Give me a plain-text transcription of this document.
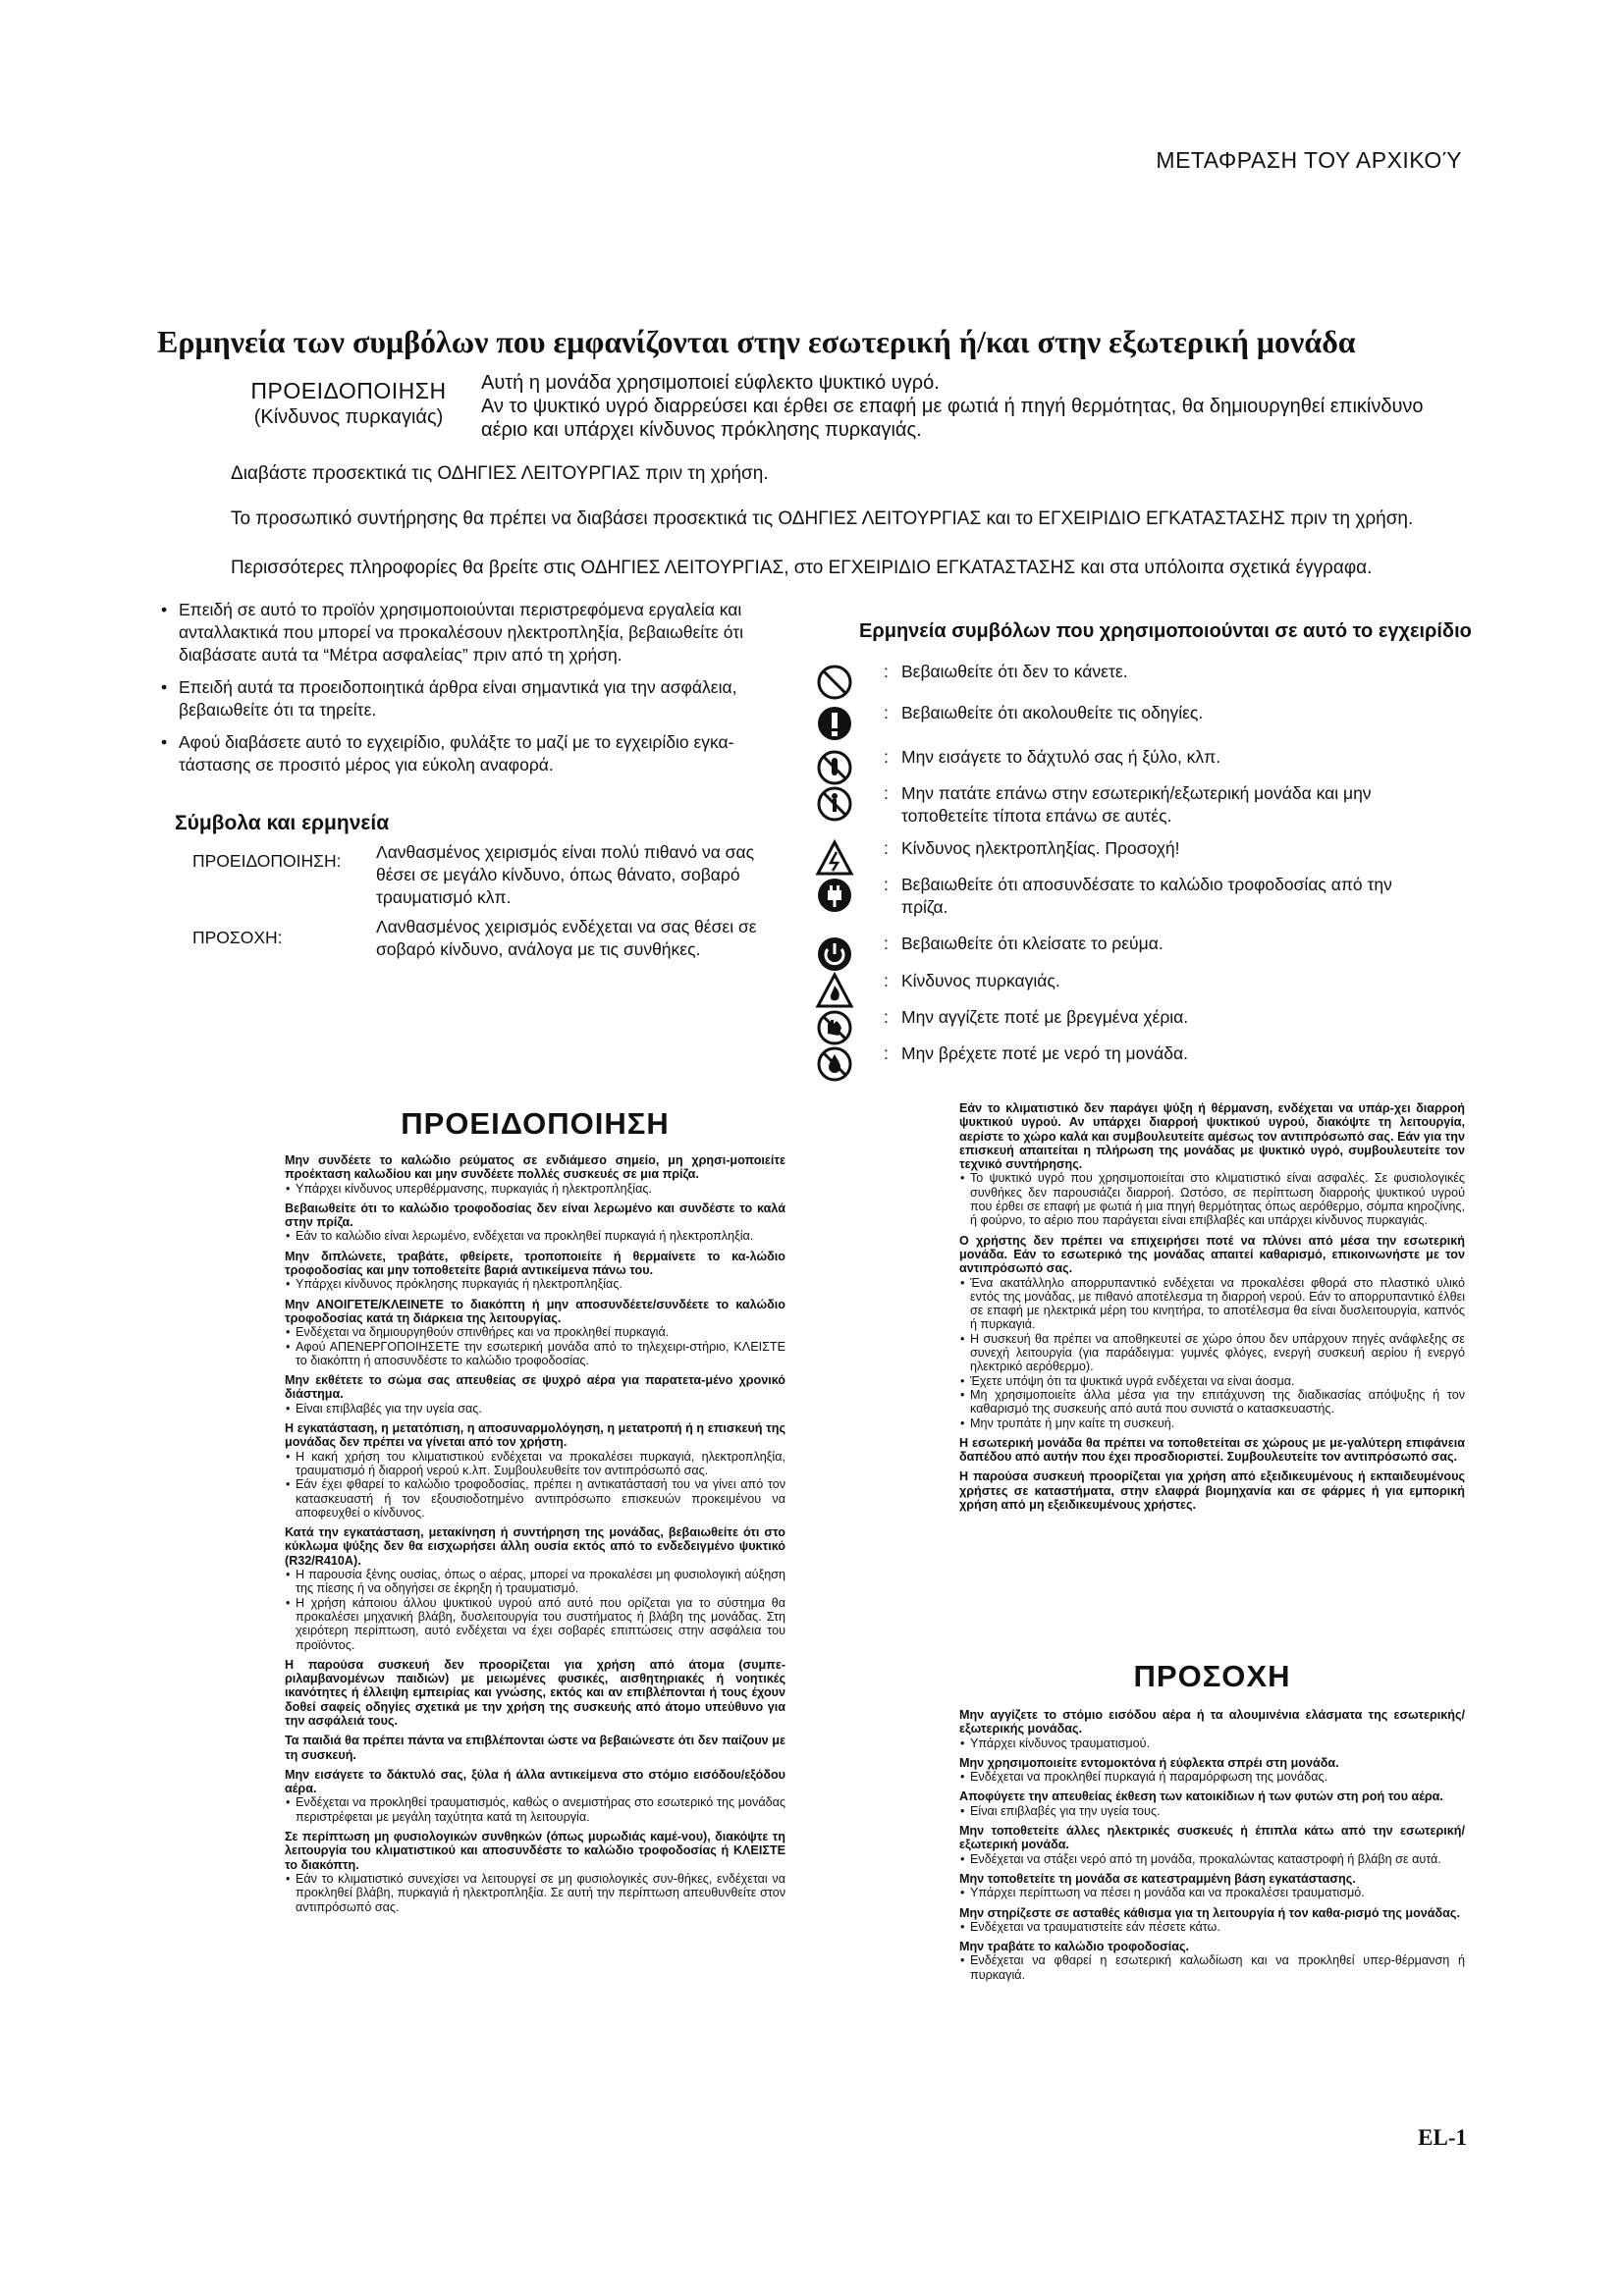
ΜΕΤΑΦΡΑΣΗ ΤΟΥ ΑΡΧΙΚΟΎ
Ερμηνεία των συμβόλων που εμφανίζονται στην εσωτερική ή/και στην εξωτερική μονάδα
ΠΡΟΕΙΔΟΠΟΙΗΣΗ
(Κίνδυνος πυρκαγιάς)
Αυτή η μονάδα χρησιμοποιεί εύφλεκτο ψυκτικό υγρό.
Αν το ψυκτικό υγρό διαρρεύσει και έρθει σε επαφή με φωτιά ή πηγή θερμότητας, θα δημιουργηθεί επικίνδυνο
αέριο και υπάρχει κίνδυνος πρόκλησης πυρκαγιάς.
Διαβάστε προσεκτικά τις ΟΔΗΓΙΕΣ ΛΕΙΤΟΥΡΓΙΑΣ πριν τη χρήση.
Το προσωπικό συντήρησης θα πρέπει να διαβάσει προσεκτικά τις ΟΔΗΓΙΕΣ ΛΕΙΤΟΥΡΓΙΑΣ και το ΕΓΧΕΙΡΙΔΙΟ ΕΓΚΑΤΑΣΤΑΣΗΣ πριν τη χρήση.
Περισσότερες πληροφορίες θα βρείτε στις ΟΔΗΓΙΕΣ ΛΕΙΤΟΥΡΓΙΑΣ, στο ΕΓΧΕΙΡΙΔΙΟ ΕΓΚΑΤΑΣΤΑΣΗΣ και στα υπόλοιπα σχετικά έγγραφα.
• Επειδή σε αυτό το προϊόν χρησιμοποιούνται περιστρεφόμενα εργαλεία και ανταλλακτικά που μπορεί να προκαλέσουν ηλεκτροπληξία, βεβαιωθείτε ότι διαβάσατε αυτά τα “Μέτρα ασφαλείας” πριν από τη χρήση.
• Επειδή αυτά τα προειδοποιητικά άρθρα είναι σημαντικά για την ασφάλεια, βεβαιωθείτε ότι τα τηρείτε.
• Αφού διαβάσετε αυτό το εγχειρίδιο, φυλάξτε το μαζί με το εγχειρίδιο εγκα-τάστασης σε προσιτό μέρος για εύκολη αναφορά.
Σύμβολα και ερμηνεία
ΠΡΟΕΙΔΟΠΟΙΗΣΗ:	Λανθασμένος χειρισμός είναι πολύ πιθανό να σας θέσει σε μεγάλο κίνδυνο, όπως θάνατο, σοβαρό τραυματισμό κλπ.
ΠΡΟΣΟΧΗ:
Λανθασμένος χειρισμός ενδέχεται να σας θέσει σε σοβαρό κίνδυνο, ανάλογα με τις συνθήκες.
Ερμηνεία συμβόλων που χρησιμοποιούνται σε αυτό το εγχειρίδιο
: Βεβαιωθείτε ότι δεν το κάνετε.
: Βεβαιωθείτε ότι ακολουθείτε τις οδηγίες.
: Μην εισάγετε το δάχτυλό σας ή ξύλο, κλπ.
: Μην πατάτε επάνω στην εσωτερική/εξωτερική μονάδα και μην τοποθετείτε τίποτα επάνω σε αυτές.
: Κίνδυνος ηλεκτροπληξίας. Προσοχή!
: Βεβαιωθείτε ότι αποσυνδέσατε το καλώδιο τροφοδοσίας από την πρίζα.
: Βεβαιωθείτε ότι κλείσατε το ρεύμα.
: Κίνδυνος πυρκαγιάς.
: Μην αγγίζετε ποτέ με βρεγμένα χέρια.
: Μην βρέχετε ποτέ με νερό τη μονάδα.
ΠΡΟΕΙΔΟΠΟΙΗΣΗ
Μην συνδέετε το καλώδιο ρεύματος σε ενδιάμεσο σημείο, μη χρησι-μοποιείτε προέκταση καλωδίου και μην συνδέετε πολλές συσκευές σε μια πρίζα.
• Υπάρχει κίνδυνος υπερθέρμανσης, πυρκαγιάς ή ηλεκτροπληξίας.
Βεβαιωθείτε ότι το καλώδιο τροφοδοσίας δεν είναι λερωμένο και συνδέστε το καλά στην πρίζα.
• Εάν το καλώδιο είναι λερωμένο, ενδέχεται να προκληθεί πυρκαγιά ή ηλεκτροπληξία.
Μην διπλώνετε, τραβάτε, φθείρετε, τροποποιείτε ή θερμαίνετε το κα-λώδιο τροφοδοσίας και μην τοποθετείτε βαριά αντικείμενα πάνω του.
• Υπάρχει κίνδυνος πρόκλησης πυρκαγιάς ή ηλεκτροπληξίας.
Μην ΑΝΟΙΓΕΤΕ/ΚΛΕΙΝΕΤΕ το διακόπτη ή μην αποσυνδέετε/συνδέετε το καλώδιο τροφοδοσίας κατά τη διάρκεια της λειτουργίας.
• Ενδέχεται να δημιουργηθούν σπινθήρες και να προκληθεί πυρκαγιά.
• Αφού ΑΠΕΝΕΡΓΟΠΟΙΗΣΕΤΕ την εσωτερική μονάδα από το τηλεχειρι-στήριο, ΚΛΕΙΣΤΕ το διακόπτη ή αποσυνδέστε το καλώδιο τροφοδοσίας.
Μην εκθέτετε το σώμα σας απευθείας σε ψυχρό αέρα για παρατετα-μένο χρονικό διάστημα.
• Είναι επιβλαβές για την υγεία σας.
Η εγκατάσταση, η μετατόπιση, η αποσυναρμολόγηση, η μετατροπή ή η επισκευή της μονάδας δεν πρέπει να γίνεται από τον χρήστη.
• Η κακή χρήση του κλιματιστικού ενδέχεται να προκαλέσει πυρκαγιά, ηλεκτροπληξία, τραυματισμό ή διαρροή νερού κ.λπ. Συμβουλευθείτε τον αντιπρόσωπό σας.
• Εάν έχει φθαρεί το καλώδιο τροφοδοσίας, πρέπει η αντικατάστασή του να γίνει από τον κατασκευαστή ή τον εξουσιοδοτημένο αντιπρόσωπο επισκευών προκειμένου να αποφευχθεί ο κίνδυνος.
Κατά την εγκατάσταση, μετακίνηση ή συντήρηση της μονάδας, βεβαιωθείτε ότι στο κύκλωμα ψύξης δεν θα εισχωρήσει άλλη ουσία εκτός από το ενδεδειγμένο ψυκτικό (R32/R410A).
• Η παρουσία ξένης ουσίας, όπως ο αέρας, μπορεί να προκαλέσει μη φυσιολογική αύξηση της πίεσης ή να οδηγήσει σε έκρηξη ή τραυματισμό.
• Η χρήση κάποιου άλλου ψυκτικού υγρού από αυτό που ορίζεται για το σύστημα θα προκαλέσει μηχανική βλάβη, δυσλειτουργία του συστήματος ή βλάβη της μονάδας. Στη χειρότερη περίπτωση, αυτό ενδέχεται να έχει σοβαρές επιπτώσεις στην ασφάλεια του προϊόντος.
Η παρούσα συσκευή δεν προορίζεται για χρήση από άτομα (συμπε-ριλαμβανομένων παιδιών) με μειωμένες φυσικές, αισθητηριακές ή νοητικές ικανότητες ή έλλειψη εμπειρίας και γνώσης, εκτός και αν επιβλέπονται ή τους έχουν δοθεί σαφείς οδηγίες σχετικά με την χρήση της συσκευής από άτομο υπεύθυνο για την ασφάλειά τους.
Τα παιδιά θα πρέπει πάντα να επιβλέπονται ώστε να βεβαιώνεστε ότι δεν παίζουν με τη συσκευή.
Μην εισάγετε το δάκτυλό σας, ξύλα ή άλλα αντικείμενα στο στόμιο εισόδου/εξόδου αέρα.
• Ενδέχεται να προκληθεί τραυματισμός, καθώς ο ανεμιστήρας στο εσωτερικό της μονάδας περιστρέφεται με μεγάλη ταχύτητα κατά τη λειτουργία.
Σε περίπτωση μη φυσιολογικών συνθηκών (όπως μυρωδιάς καμέ-νου), διακόψτε τη λειτουργία του κλιματιστικού και αποσυνδέστε το καλώδιο τροφοδοσίας ή ΚΛΕΙΣΤΕ το διακόπτη.
• Εάν το κλιματιστικό συνεχίσει να λειτουργεί σε μη φυσιολογικές συν-θήκες, ενδέχεται να προκληθεί βλάβη, πυρκαγιά ή ηλεκτροπληξία. Σε αυτή την περίπτωση απευθυνθείτε στον αντιπρόσωπό σας.
Εάν το κλιματιστικό δεν παράγει ψύξη ή θέρμανση, ενδέχεται να υπάρ-χει διαρροή ψυκτικού υγρού. Αν υπάρχει διαρροή ψυκτικού υγρού, διακόψτε τη λειτουργία, αερίστε το χώρο καλά και συμβουλευτείτε αμέσως τον αντιπρόσωπό σας. Εάν για την επισκευή απαιτείται η πλήρωση της μονάδας με ψυκτικό υγρό, συμβουλευτείτε τον τεχνικό συντήρησης.
• Το ψυκτικό υγρό που χρησιμοποιείται στο κλιματιστικό είναι ασφαλές. Σε φυσιολογικές συνθήκες δεν παρουσιάζει διαρροή. Ωστόσο, σε περίπτωση διαρροής ψυκτικού υγρού που έρθει σε επαφή με φωτιά ή μια πηγή θερμότητας όπως αερόθερμο, σόμπα κηροζίνης, ή φούρνο, το αέριο που παράγεται είναι επιβλαβές και υπάρχει κίνδυνος πυρκαγιάς.
Ο χρήστης δεν πρέπει να επιχειρήσει ποτέ να πλύνει από μέσα την εσωτερική μονάδα. Εάν το εσωτερικό της μονάδας απαιτεί καθαρισμό, επικοινωνήστε με τον αντιπρόσωπό σας.
• Ένα ακατάλληλο απορρυπαντικό ενδέχεται να προκαλέσει φθορά στο πλαστικό υλικό εντός της μονάδας, με πιθανό αποτέλεσμα τη διαρροή νερού. Εάν το απορρυπαντικό έλθει σε επαφή με ηλεκτρικά μέρη του κινητήρα, το αποτέλεσμα θα είναι δυσλειτουργία, καπνός ή πυρκαγιά.
• Η συσκευή θα πρέπει να αποθηκευτεί σε χώρο όπου δεν υπάρχουν πηγές ανάφλεξης σε συνεχή λειτουργία (για παράδειγμα: γυμνές φλόγες, ενεργή συσκευή αερίου ή ενεργό ηλεκτρικό αερόθερμο).
• Έχετε υπόψη ότι τα ψυκτικά υγρά ενδέχεται να είναι άοσμα.
• Μη χρησιμοποιείτε άλλα μέσα για την επιτάχυνση της διαδικασίας απόψυξης ή τον καθαρισμό της συσκευής από αυτά που συνιστά ο κατασκευαστής.
• Μην τρυπάτε ή μην καίτε τη συσκευή.
Η εσωτερική μονάδα θα πρέπει να τοποθετείται σε χώρους με με-γαλύτερη επιφάνεια δαπέδου από αυτήν που έχει προσδιοριστεί. Συμβουλευτείτε τον αντιπρόσωπό σας.
Η παρούσα συσκευή προορίζεται για χρήση από εξειδικευμένους ή εκπαιδευμένους χρήστες σε καταστήματα, στην ελαφρά βιομηχανία και σε φάρμες ή για εμπορική χρήση από μη εξειδικευμένους χρήστες.
ΠΡΟΣΟΧΗ
Μην αγγίζετε το στόμιο εισόδου αέρα ή τα αλουμινένια ελάσματα της εσωτερικής/εξωτερικής μονάδας.
• Υπάρχει κίνδυνος τραυματισμού.
Μην χρησιμοποιείτε εντομοκτόνα ή εύφλεκτα σπρέι στη μονάδα.
• Ενδέχεται να προκληθεί πυρκαγιά ή παραμόρφωση της μονάδας.
Αποφύγετε την απευθείας έκθεση των κατοικίδιων ή των φυτών στη ροή του αέρα.
• Είναι επιβλαβές για την υγεία τους.
Μην τοποθετείτε άλλες ηλεκτρικές συσκευές ή έπιπλα κάτω από την εσωτερική/εξωτερική μονάδα.
• Ενδέχεται να στάξει νερό από τη μονάδα, προκαλώντας καταστροφή ή βλάβη σε αυτά.
Μην τοποθετείτε τη μονάδα σε κατεστραμμένη βάση εγκατάστασης.
• Υπάρχει περίπτωση να πέσει η μονάδα και να προκαλέσει τραυματισμό.
Μην στηρίζεστε σε ασταθές κάθισμα για τη λειτουργία ή τον καθα-ρισμό της μονάδας.
• Ενδέχεται να τραυματιστείτε εάν πέσετε κάτω.
Μην τραβάτε το καλώδιο τροφοδοσίας.
• Ενδέχεται να φθαρεί η εσωτερική καλωδίωση και να προκληθεί υπερ-θέρμανση ή πυρκαγιά.
EL-1
